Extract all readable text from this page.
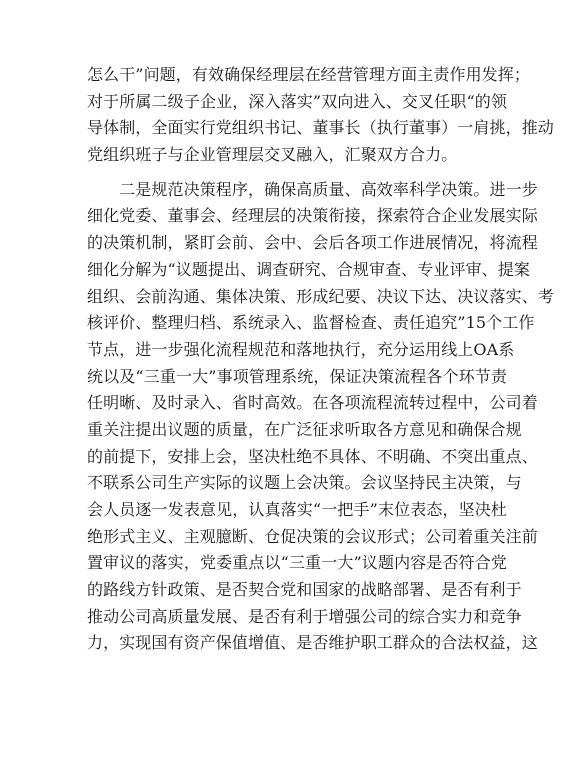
怎么干”问题，有效确保经理层在经营管理方面主责作用发挥；
对于所属二级子企业，深入落实”双向进入、交叉任职“的领
导体制，全面实行党组织书记、董事长（执行董事）一肩挑，推动
党组织班子与企业管理层交叉融入，汇聚双方合力。
　　二是规范决策程序，确保高质量、高效率科学决策。进一步
细化党委、董事会、经理层的决策衔接，探索符合企业发展实际
的决策机制，紧盯会前、会中、会后各项工作进展情况，将流程
细化分解为“议题提出、调查研究、合规审查、专业评审、提案
组织、会前沟通、集体决策、形成纪要、决议下达、决议落实、考
核评价、整理归档、系统录入、监督检查、责任追究”15个工作
节点，进一步强化流程规范和落地执行，充分运用线上OA系
统以及“三重一大”事项管理系统，保证决策流程各个环节责
任明晰、及时录入、省时高效。在各项流程流转过程中，公司着
重关注提出议题的质量，在广泛征求听取各方意见和确保合规
的前提下，安排上会，坚决杜绝不具体、不明确、不突出重点、
不联系公司生产实际的议题上会决策。会议坚持民主决策，与
会人员逐一发表意见，认真落实“一把手”末位表态，坚决杜
绝形式主义、主观臆断、仓促决策的会议形式；公司着重关注前
置审议的落实，党委重点以“三重一大”议题内容是否符合党
的路线方针政策、是否契合党和国家的战略部署、是否有利于
推动公司高质量发展、是否有利于增强公司的综合实力和竞争
力，实现国有资产保值增值、是否维护职工群众的合法权益，这
